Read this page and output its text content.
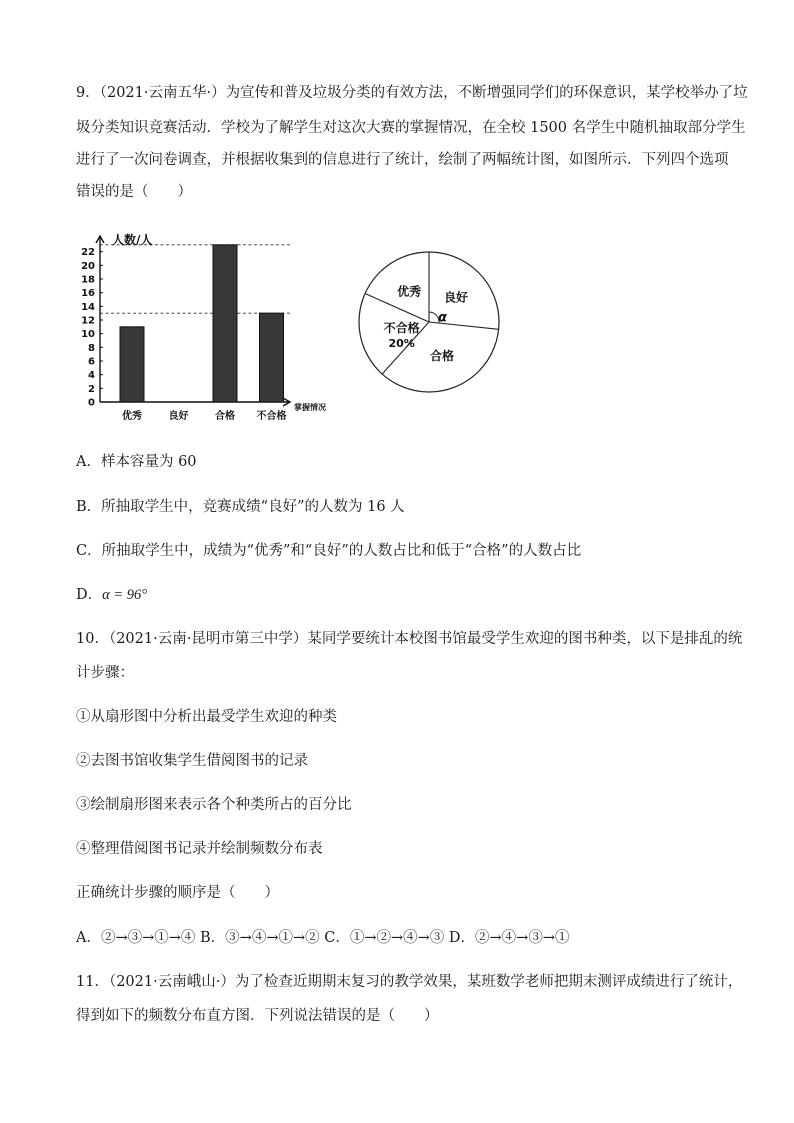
9．（2021·云南五华·）为宣传和普及垃圾分类的有效方法，不断增强同学们的环保意识，某学校举办了垃
圾分类知识竞赛活动．学校为了解学生对这次大赛的掌握情况，在全校 1500 名学生中随机抽取部分学生
进行了一次问卷调查，并根据收集到的信息进行了统计，绘制了两幅统计图，如图所示．下列四个选项
错误的是（　　）
0
2
4
6
8
10
12
14
16
18
20
22
优秀	良好	合格 不合格
人数/人
掌握情况
良好
合格
不合格
20%
优秀
α
A．样本容量为 60
B．所抽取学生中，竞赛成绩“良好”的人数为 16 人
C．所抽取学生中，成绩为“优秀”和“良好”的人数占比和低于“合格”的人数占比
D．α = 96°
10．（2021·云南·昆明市第三中学）某同学要统计本校图书馆最受学生欢迎的图书种类，以下是排乱的统
计步骤：
①从扇形图中分析出最受学生欢迎的种类
②去图书馆收集学生借阅图书的记录
③绘制扇形图来表示各个种类所占的百分比
④整理借阅图书记录并绘制频数分布表
正确统计步骤的顺序是（　　）
A．②→③→①→④ B．③→④→①→② C．①→②→④→③ D．②→④→③→①
11．（2021·云南峨山·）为了检查近期期末复习的教学效果，某班数学老师把期末测评成绩进行了统计，
得到如下的频数分布直方图．下列说法错误的是（　　）
